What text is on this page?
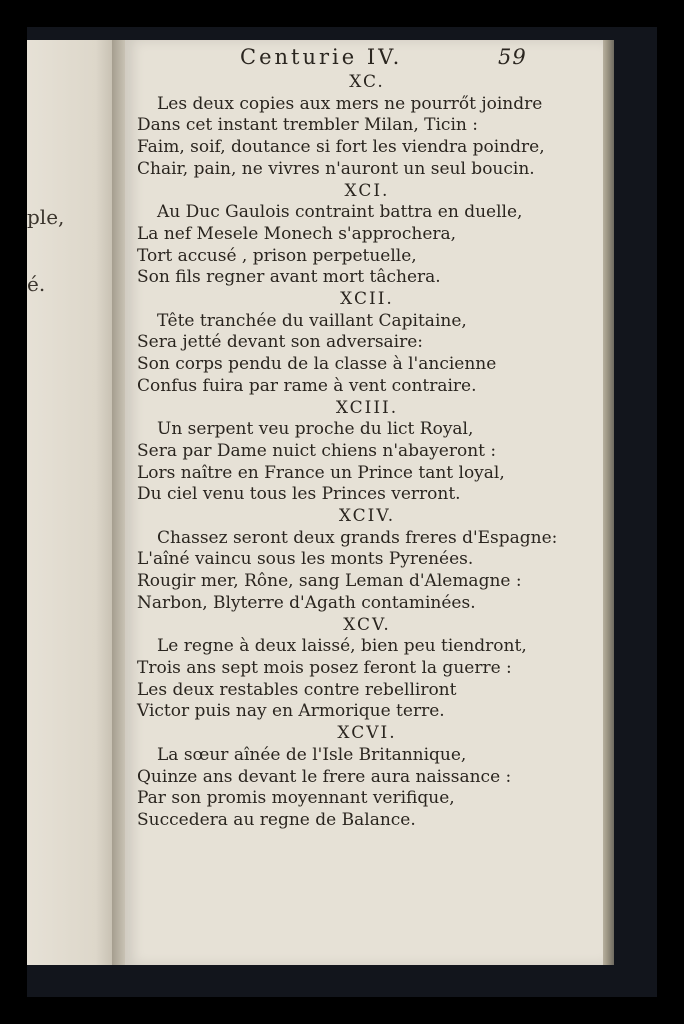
ple,
é.
Centurie IV.	59
XC.
Les deux copies aux mers ne pourrőt joindre
Dans cet instant trembler Milan, Ticin :
Faim, soif, doutance si fort les viendra poindre,
Chair, pain, ne vivres n'auront un seul boucin.
XCI.
Au Duc Gaulois contraint battra en duelle,
La nef Mesele Monech s'approchera,
Tort accusé , prison perpetuelle,
Son fils regner avant mort tâchera.
XCII.
Tête tranchée du vaillant Capitaine,
Sera jetté devant son adversaire:
Son corps pendu de la classe à l'ancienne
Confus fuira par rame à vent contraire.
XCIII.
Un serpent veu proche du lict Royal,
Sera par Dame nuict chiens n'abayeront :
Lors naître en France un Prince tant loyal,
Du ciel venu tous les Princes verront.
XCIV.
Chassez seront deux grands freres d'Espagne:
L'aîné vaincu sous les monts Pyrenées.
Rougir mer, Rône, sang Leman d'Alemagne :
Narbon, Blyterre d'Agath contaminées.
XCV.
Le regne à deux laissé, bien peu tiendront,
Trois ans sept mois posez feront la guerre :
Les deux restables contre rebelliront
Victor puis nay en Armorique terre.
XCVI.
La sœur aînée de l'Isle Britannique,
Quinze ans devant le frere aura naissance :
Par son promis moyennant verifique,
Succedera au regne de Balance.
